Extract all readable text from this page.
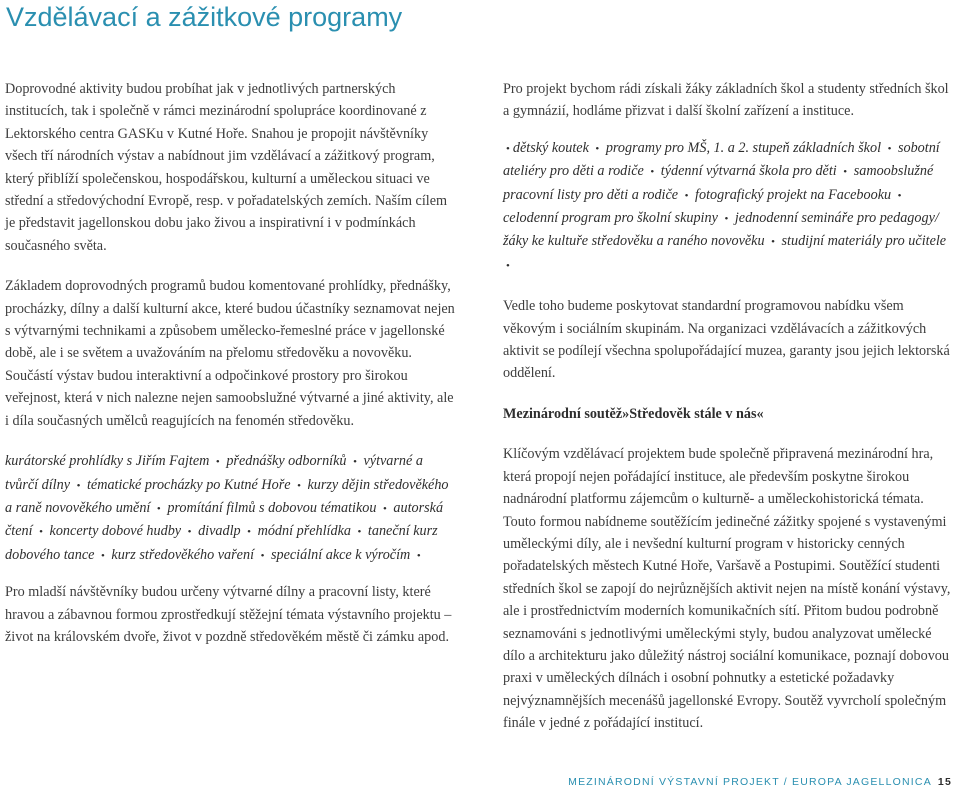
Vzdělávací a zážitkové programy

Doprovodné aktivity budou probíhat jak v jednotlivých partnerských institucích, tak i společně v rámci mezinárodní spolupráce koordinované z Lektorského centra GASKu v Kutné Hoře. Snahou je propojit návštěvníky všech tří národních výstav a nabídnout jim vzdělávací a zážitkový program, který přiblíží společenskou, hospodářskou, kulturní a uměleckou situaci ve střední a středovýchodní Evropě, resp. v pořadatelských zemích. Naším cílem je představit jagellonskou dobu jako živou a inspirativní i v podmínkách současného světa.

Základem doprovodných programů budou komentované prohlídky, přednášky, procházky, dílny a další kulturní akce, které budou účastníky seznamovat nejen s výtvarnými technikami a způsobem umělecko-řemeslné práce v jagellonské době, ale i se světem a uvažováním na přelomu středověku a novověku. Součástí výstav budou interaktivní a odpočinkové prostory pro širokou veřejnost, která v nich nalezne nejen samoobslužné výtvarné a jiné aktivity, ale i díla současných umělců reagujících na fenomén středověku.

kurátorské prohlídky s Jiřím Fajtem • přednášky odborníků • výtvarné a tvůrčí dílny • tématické procházky po Kutné Hoře • kurzy dějin středověkého a raně novověkého umění • promítání filmů s dobovou tématikou • autorská čtení • koncerty dobové hudby • divadlp • módní přehlídka • taneční kurz dobového tance • kurz středověkého vaření • speciální akce k výročím •

Pro mladší návštěvníky budou určeny výtvarné dílny a pracovní listy, které hravou a zábavnou formou zprostředkují stěžejní témata výstavního projektu – život na královském dvoře, život v pozdně středověkém městě či zámku apod.

Pro projekt bychom rádi získali žáky základních škol a studenty středních škol a gymnázií, hodláme přizvat i další školní zařízení a instituce.

• dětský koutek • programy pro MŠ, 1. a 2. stupeň základních škol • sobotní ateliéry pro děti a rodiče • týdenní výtvarná škola pro děti • samoobslužné pracovní listy pro děti a rodiče • fotografický projekt na Facebooku • celodenní program pro školní skupiny • jednodenní semináře pro pedagogy/žáky ke kultuře středověku a raného novověku • studijní materiály pro učitele •

Vedle toho budeme poskytovat standardní programovou nabídku všem věkovým i sociálním skupinám. Na organizaci vzdělávacích a zážitkových aktivit se podílejí všechna spolupořádající muzea, garanty jsou jejich lektorská oddělení.

Mezinárodní soutěž»Středověk stále v nás«

Klíčovým vzdělávací projektem bude společně připravená mezinárodní hra, která propojí nejen pořádající instituce, ale především poskytne širokou nadnárodní platformu zájemcům o kulturně- a uměleckohistorická témata. Touto formou nabídneme soutěžícím jedinečné zážitky spojené s vystavenými uměleckými díly, ale i nevšední kulturní program v historicky cenných pořadatelských městech Kutné Hoře, Varšavě a Postupimi. Soutěžící studenti středních škol se zapojí do nejrůznějších aktivit nejen na místě konání výstavy, ale i prostřednictvím moderních komunikačních sítí. Přitom budou podrobně seznamováni s jednotlivými uměleckými styly, budou analyzovat umělecké dílo a architekturu jako důležitý nástroj sociální komunikace, poznají dobovou praxi v uměleckých dílnách i osobní pohnutky a estetické požadavky nejvýznamnějších mecenášů jagellonské Evropy. Soutěž vyvrcholí společným finále v jedné z pořádající institucí.

MEZINÁRODNÍ VÝSTAVNÍ PROJEKT / EUROPA JAGELLONICA 15
